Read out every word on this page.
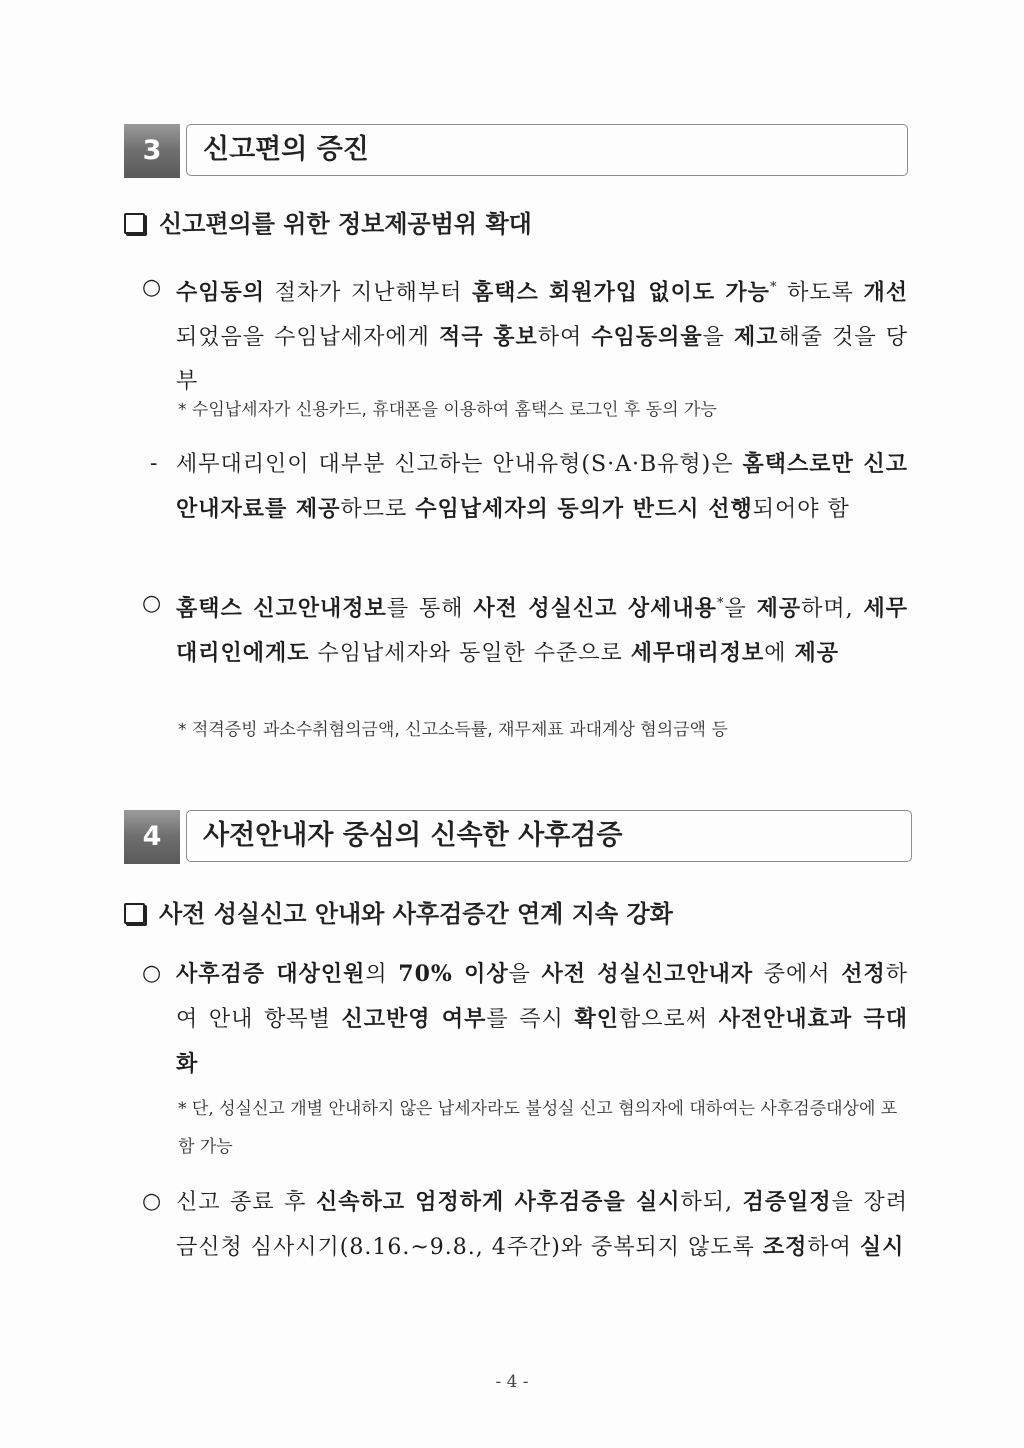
3	신고편의 증진
신고편의를 위한 정보제공범위 확대
○ 수임동의 절차가 지난해부터 홈택스 회원가입 없이도 가능* 하도록 개선되었음을 수임납세자에게 적극 홍보하여 수임동의율을 제고해줄 것을 당부
* 수임납세자가 신용카드, 휴대폰을 이용하여 홈택스 로그인 후 동의 가능
- 세무대리인이 대부분 신고하는 안내유형(S·A·B유형)은 홈택스로만 신고안내자료를 제공하므로 수임납세자의 동의가 반드시 선행되어야 함
○ 홈택스 신고안내정보를 통해 사전 성실신고 상세내용*을 제공하며, 세무대리인에게도 수임납세자와 동일한 수준으로 세무대리정보에 제공
* 적격증빙 과소수취혐의금액, 신고소득률, 재무제표 과대계상 혐의금액 등
4	사전안내자 중심의 신속한 사후검증
사전 성실신고 안내와 사후검증간 연계 지속 강화
○ 사후검증 대상인원의 70% 이상을 사전 성실신고안내자 중에서 선정하여 안내 항목별 신고반영 여부를 즉시 확인함으로써 사전안내효과 극대화
* 단, 성실신고 개별 안내하지 않은 납세자라도 불성실 신고 혐의자에 대하여는 사후검증대상에 포함 가능
○ 신고 종료 후 신속하고 엄정하게 사후검증을 실시하되, 검증일정을 장려금신청 심사시기(8.16.~9.8., 4주간)와 중복되지 않도록 조정하여 실시
- 4 -
